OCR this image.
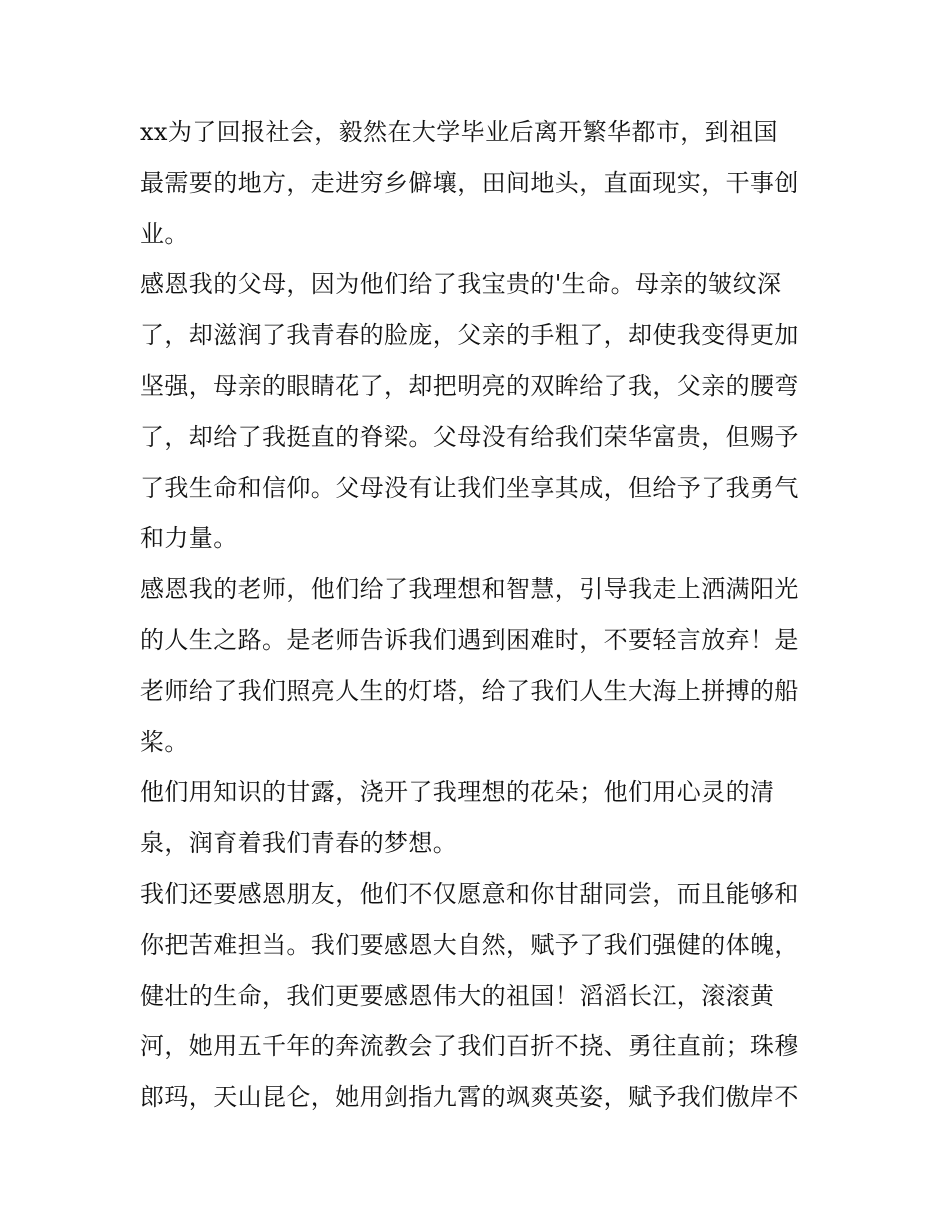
xx为了回报社会，毅然在大学毕业后离开繁华都市，到祖国

最需要的地方，走进穷乡僻壤，田间地头，直面现实，干事创

业。

感恩我的父母，因为他们给了我宝贵的'生命。母亲的皱纹深

了，却滋润了我青春的脸庞，父亲的手粗了，却使我变得更加

坚强，母亲的眼睛花了，却把明亮的双眸给了我，父亲的腰弯

了，却给了我挺直的脊梁。父母没有给我们荣华富贵，但赐予

了我生命和信仰。父母没有让我们坐享其成，但给予了我勇气

和力量。

感恩我的老师，他们给了我理想和智慧，引导我走上洒满阳光

的人生之路。是老师告诉我们遇到困难时，不要轻言放弃！是

老师给了我们照亮人生的灯塔，给了我们人生大海上拼搏的船

桨。

他们用知识的甘露，浇开了我理想的花朵；他们用心灵的清

泉，润育着我们青春的梦想。

我们还要感恩朋友，他们不仅愿意和你甘甜同尝，而且能够和

你把苦难担当。我们要感恩大自然，赋予了我们强健的体魄，

健壮的生命，我们更要感恩伟大的祖国！滔滔长江，滚滚黄

河，她用五千年的奔流教会了我们百折不挠、勇往直前；珠穆

郎玛，天山昆仑，她用剑指九霄的飒爽英姿，赋予我们傲岸不
